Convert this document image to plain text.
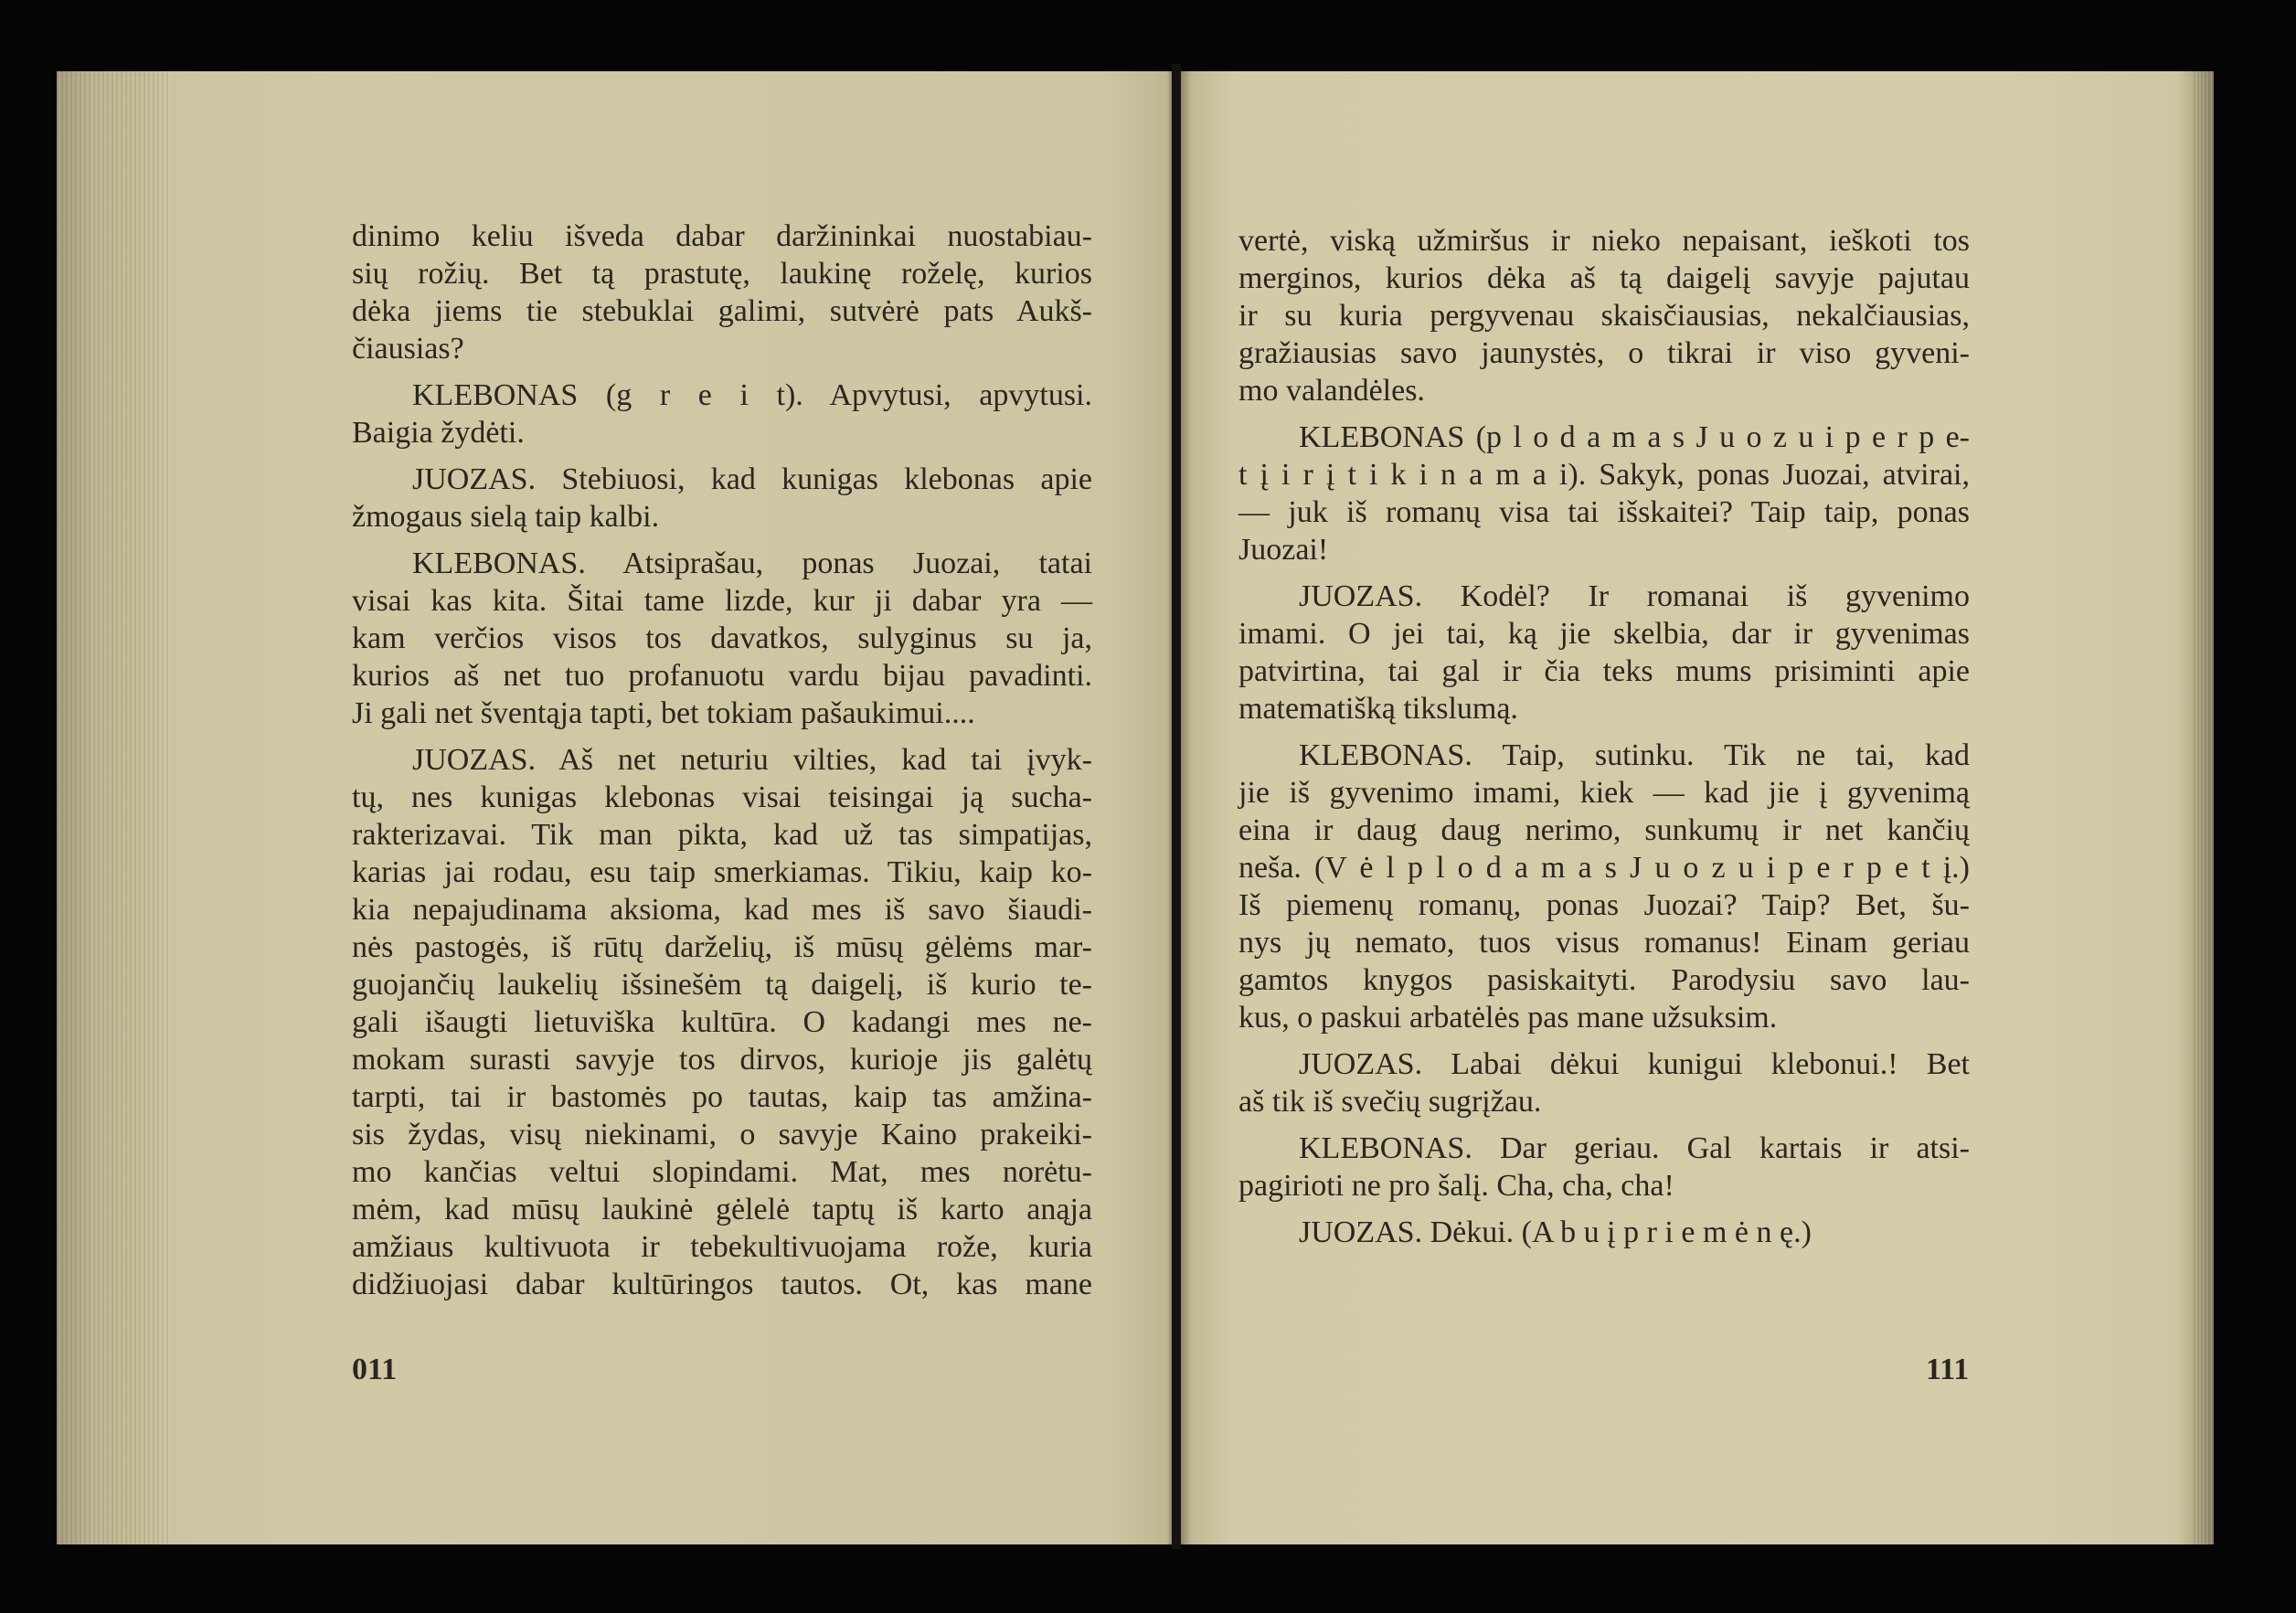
dinimo keliu išveda dabar daržininkai nuostabiau-
sių rožių. Bet tą prastutę, laukinę roželę, kurios
dėka jiems tie stebuklai galimi, sutvėrė pats Aukš-
čiausias?
KLEBONAS (g r e i t). Apvytusi, apvytusi.
Baigia žydėti.
JUOZAS. Stebiuosi, kad kunigas klebonas apie
žmogaus sielą taip kalbi.
KLEBONAS. Atsiprašau, ponas Juozai, tatai
visai kas kita. Šitai tame lizde, kur ji dabar yra —
kam verčios visos tos davatkos, sulyginus su ja,
kurios aš net tuo profanuotu vardu bijau pavadinti.
Ji gali net šventąja tapti, bet tokiam pašaukimui....
JUOZAS. Aš net neturiu vilties, kad tai įvyk-
tų, nes kunigas klebonas visai teisingai ją sucha-
rakterizavai. Tik man pikta, kad už tas simpatijas,
karias jai rodau, esu taip smerkiamas. Tikiu, kaip ko-
kia nepajudinama aksioma, kad mes iš savo šiaudi-
nės pastogės, iš rūtų darželių, iš mūsų gėlėms mar-
guojančių laukelių išsinešėm tą daigelį, iš kurio te-
gali išaugti lietuviška kultūra. O kadangi mes ne-
mokam surasti savyje tos dirvos, kurioje jis galėtų
tarpti, tai ir bastomės po tautas, kaip tas amžina-
sis žydas, visų niekinami, o savyje Kaino prakeiki-
mo kančias veltui slopindami. Mat, mes norėtu-
mėm, kad mūsų laukinė gėlelė taptų iš karto anąja
amžiaus kultivuota ir tebekultivuojama rože, kuria
didžiuojasi dabar kultūringos tautos. Ot, kas mane
011
vertė, viską užmiršus ir nieko nepaisant, ieškoti tos
merginos, kurios dėka aš tą daigelį savyje pajutau
ir su kuria pergyvenau skaisčiausias, nekalčiausias,
gražiausias savo jaunystės, o tikrai ir viso gyveni-
mo valandėles.
KLEBONAS (p l o d a m a s J u o z u i p e r p e-
t į i r į t i k i n a m a i). Sakyk, ponas Juozai, atvirai,
— juk iš romanų visa tai išskaitei? Taip taip, ponas
Juozai!
JUOZAS. Kodėl? Ir romanai iš gyvenimo
imami. O jei tai, ką jie skelbia, dar ir gyvenimas
patvirtina, tai gal ir čia teks mums prisiminti apie
matematišką tikslumą.
KLEBONAS. Taip, sutinku. Tik ne tai, kad
jie iš gyvenimo imami, kiek — kad jie į gyvenimą
eina ir daug daug nerimo, sunkumų ir net kančių
neša. (V ė l p l o d a m a s J u o z u i p e r p e t į.)
Iš piemenų romanų, ponas Juozai? Taip? Bet, šu-
nys jų nemato, tuos visus romanus! Einam geriau
gamtos knygos pasiskaityti. Parodysiu savo lau-
kus, o paskui arbatėlės pas mane užsuksim.
JUOZAS. Labai dėkui kunigui klebonui.! Bet
aš tik iš svečių sugrįžau.
KLEBONAS. Dar geriau. Gal kartais ir atsi-
pagirioti ne pro šalį. Cha, cha, cha!
JUOZAS. Dėkui. (A b u į p r i e m ė n ę.)
111
